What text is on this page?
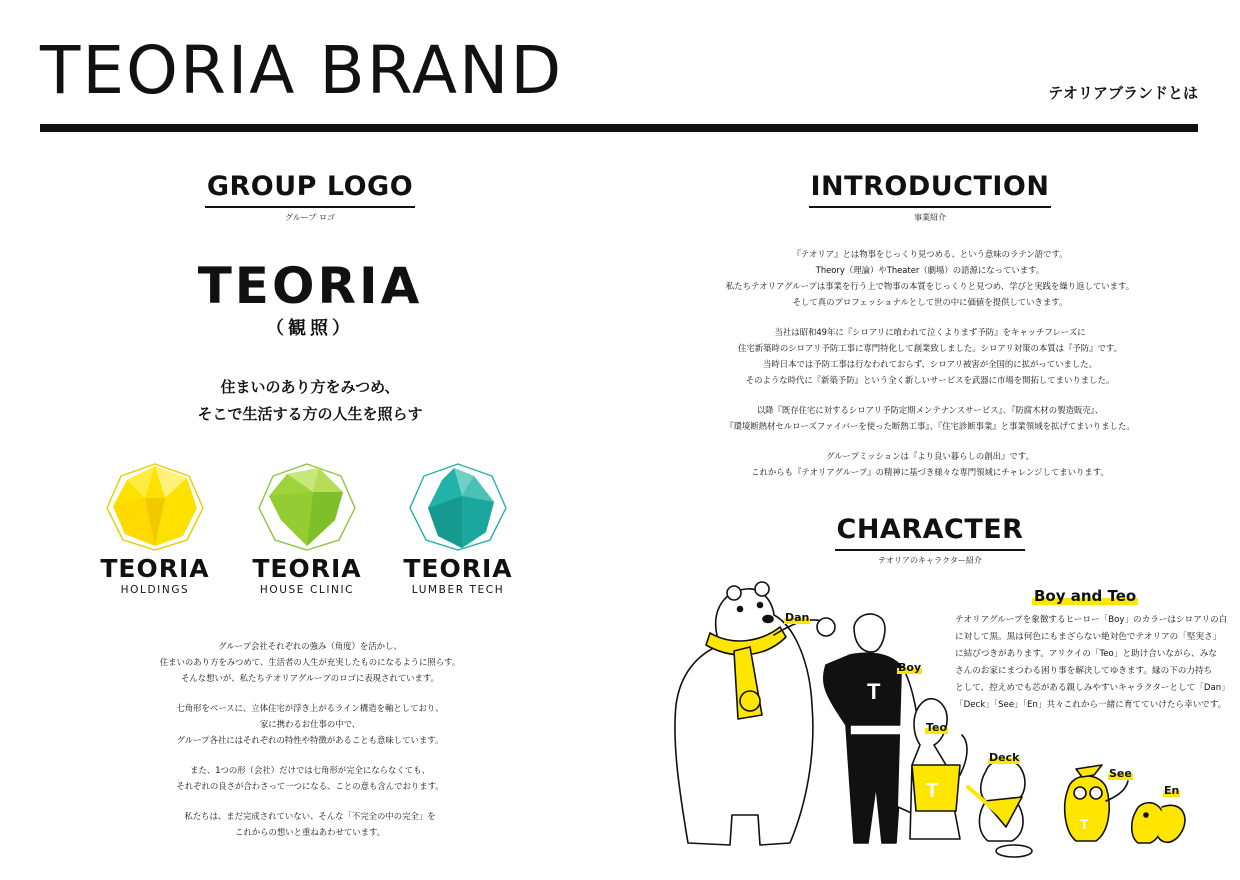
TEORIA BRAND	テオリアブランドとは
GROUP LOGO
グループ ロゴ
TEORIA
（観照）
住まいのあり方をみつめ、
そこで生活する方の人生を照らす
TEORIA
HOLDINGS
TEORIA
HOUSE CLINIC
TEORIA
LUMBER TECH

グループ会社それぞれの強み（角度）を活かし、
住まいのあり方をみつめて、生活者の人生が充実したものになるように照らす。
そんな想いが、私たちテオリアグループのロゴに表現されています。

七角形をベースに、立体住宅が浮き上がるライン構造を軸としており、
家に携わるお仕事の中で、
グループ各社にはそれぞれの特性や特徴があることも意味しています。

また、1つの形（会社）だけでは七角形が完全にならなくても、
それぞれの良さが合わさって一つになる、ことの意も含んでおります。

私たちは、まだ完成されていない、そんな「不完全の中の完全」を
これからの想いと重ねあわせています。

INTRODUCTION
事業紹介

『テオリア』とは物事をじっくり見つめる、という意味のラテン語です。
Theory（理論）やTheater（劇場）の語源になっています。
私たちテオリアグループは事業を行う上で物事の本質をじっくりと見つめ、学びと実践を繰り返しています。
そして真のプロフェッショナルとして世の中に価値を提供していきます。

当社は昭和49年に『シロアリに喰われて泣くよりまず予防』をキャッチフレーズに
住宅新築時のシロアリ予防工事に専門特化して創業致しました。シロアリ対策の本質は『予防』です。
当時日本では予防工事は行なわれておらず、シロアリ被害が全国的に拡がっていました。
そのような時代に『新築予防』という全く新しいサービスを武器に市場を開拓してまいりました。

以降『既存住宅に対するシロアリ予防定期メンテナンスサービス』、『防腐木材の製造販売』、
『環境断熱材セルローズファイバーを使った断熱工事』、『住宅診断事業』と事業領域を拡げてまいりました。

グループミッションは『より良い暮らしの創出』です。
これからも『テオリアグループ』の精神に基づき様々な専門領域にチャレンジしてまいります。

CHARACTER
テオリアのキャラクター紹介
Boy and Teo
テオリアグループを象徴するヒーロー「Boy」のカラーはシロアリの白
に対して黒。黒は何色にもまざらない絶対色でテオリアの「堅実さ」
に結びつきがあります。アリクイの「Teo」と助け合いながら、みな
さんのお家にまつわる困り事を解決してゆきます。縁の下の力持ち
として、控えめでも芯がある親しみやすいキャラクターとして「Dan」
「Deck」「See」「En」共々これから一緒に育てていけたら幸いです。
T
T
T
Dan
Boy
Teo
Deck
See
En
